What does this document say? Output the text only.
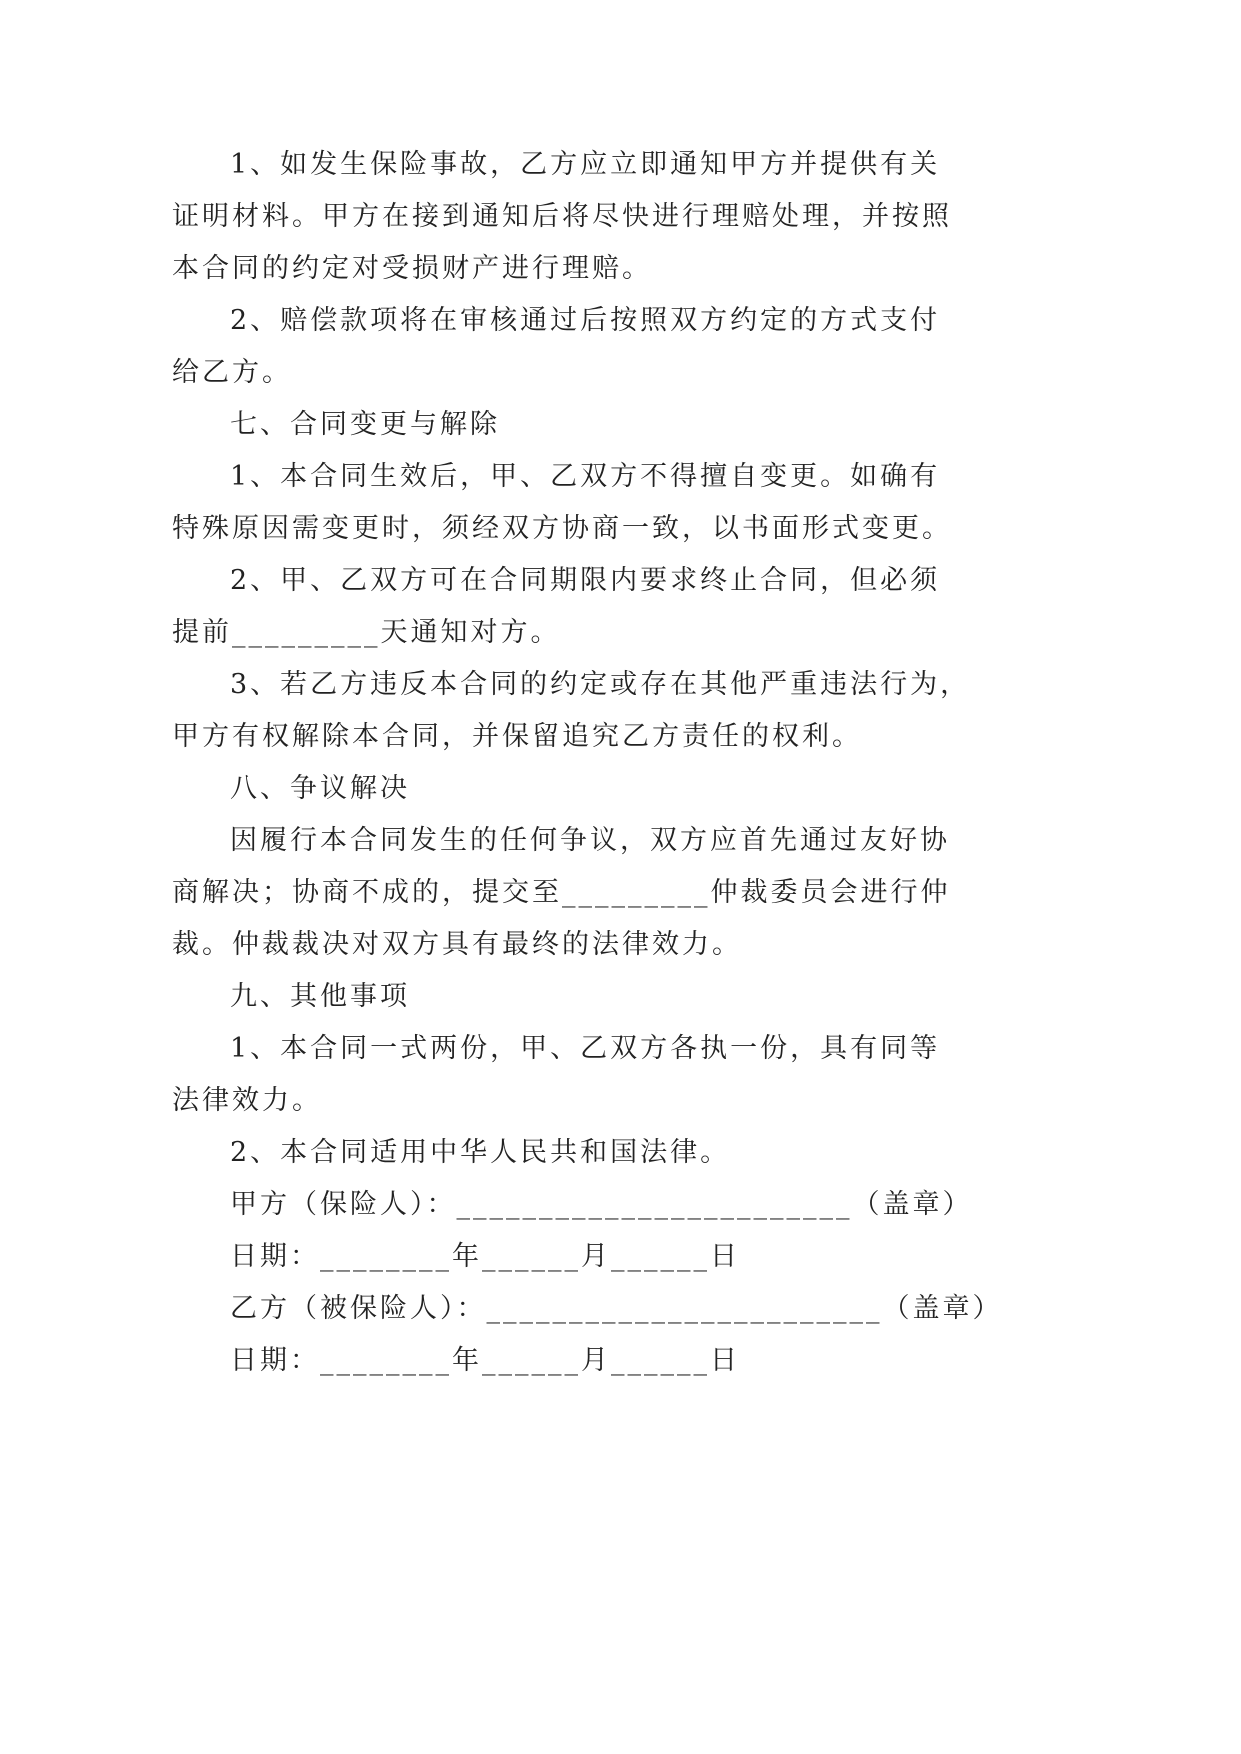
1、如发生保险事故，乙方应立即通知甲方并提供有关
证明材料。甲方在接到通知后将尽快进行理赔处理，并按照
本合同的约定对受损财产进行理赔。
2、赔偿款项将在审核通过后按照双方约定的方式支付
给乙方。
七、合同变更与解除
1、本合同生效后，甲、乙双方不得擅自变更。如确有
特殊原因需变更时，须经双方协商一致，以书面形式变更。
2、甲、乙双方可在合同期限内要求终止合同，但必须
提前_________天通知对方。
3、若乙方违反本合同的约定或存在其他严重违法行为，
甲方有权解除本合同，并保留追究乙方责任的权利。
八、争议解决
因履行本合同发生的任何争议，双方应首先通过友好协
商解决；协商不成的，提交至_________仲裁委员会进行仲
裁。仲裁裁决对双方具有最终的法律效力。
九、其他事项
1、本合同一式两份，甲、乙双方各执一份，具有同等
法律效力。
2、本合同适用中华人民共和国法律。
甲方（保险人）：________________________（盖章）
日期：________年______月______日
乙方（被保险人）：________________________（盖章）
日期：________年______月______日
